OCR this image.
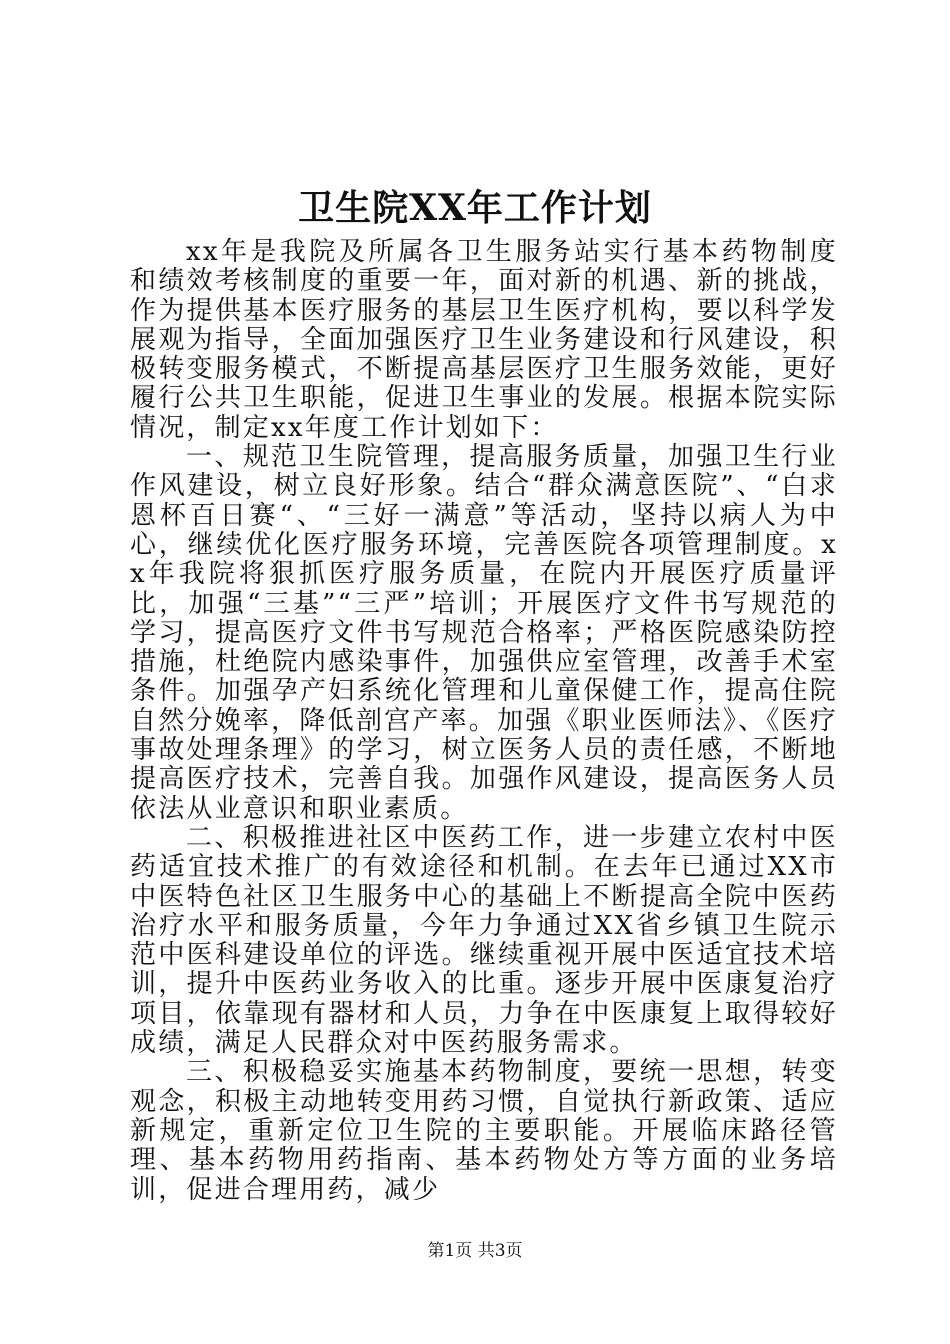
卫生院XX年工作计划

xx年是我院及所属各卫生服务站实行基本药物制度和绩效考核制度的重要一年，面对新的机遇、新的挑战，作为提供基本医疗服务的基层卫生医疗机构，要以科学发展观为指导，全面加强医疗卫生业务建设和行风建设，积极转变服务模式，不断提高基层医疗卫生服务效能，更好履行公共卫生职能，促进卫生事业的发展。根据本院实际情况，制定xx年度工作计划如下：

一、规范卫生院管理，提高服务质量，加强卫生行业作风建设，树立良好形象。结合“群众满意医院”、“白求恩杯百日赛“、“三好一满意”等活动，坚持以病人为中心，继续优化医疗服务环境，完善医院各项管理制度。xx年我院将狠抓医疗服务质量，在院内开展医疗质量评比，加强“三基”“三严”培训；开展医疗文件书写规范的学习，提高医疗文件书写规范合格率；严格医院感染防控措施，杜绝院内感染事件，加强供应室管理，改善手术室条件。加强孕产妇系统化管理和儿童保健工作，提高住院自然分娩率，降低剖宫产率。加强《职业医师法》、《医疗事故处理条理》的学习，树立医务人员的责任感，不断地提高医疗技术，完善自我。加强作风建设，提高医务人员依法从业意识和职业素质。

二、积极推进社区中医药工作，进一步建立农村中医药适宜技术推广的有效途径和机制。在去年已通过XX市中医特色社区卫生服务中心的基础上不断提高全院中医药治疗水平和服务质量，今年力争通过XX省乡镇卫生院示范中医科建设单位的评选。继续重视开展中医适宜技术培训，提升中医药业务收入的比重。逐步开展中医康复治疗项目，依靠现有器材和人员，力争在中医康复上取得较好成绩，满足人民群众对中医药服务需求。

三、积极稳妥实施基本药物制度，要统一思想，转变观念，积极主动地转变用药习惯，自觉执行新政策、适应新规定，重新定位卫生院的主要职能。开展临床路径管理、基本药物用药指南、基本药物处方等方面的业务培训，促进合理用药，减少

第1页 共3页
